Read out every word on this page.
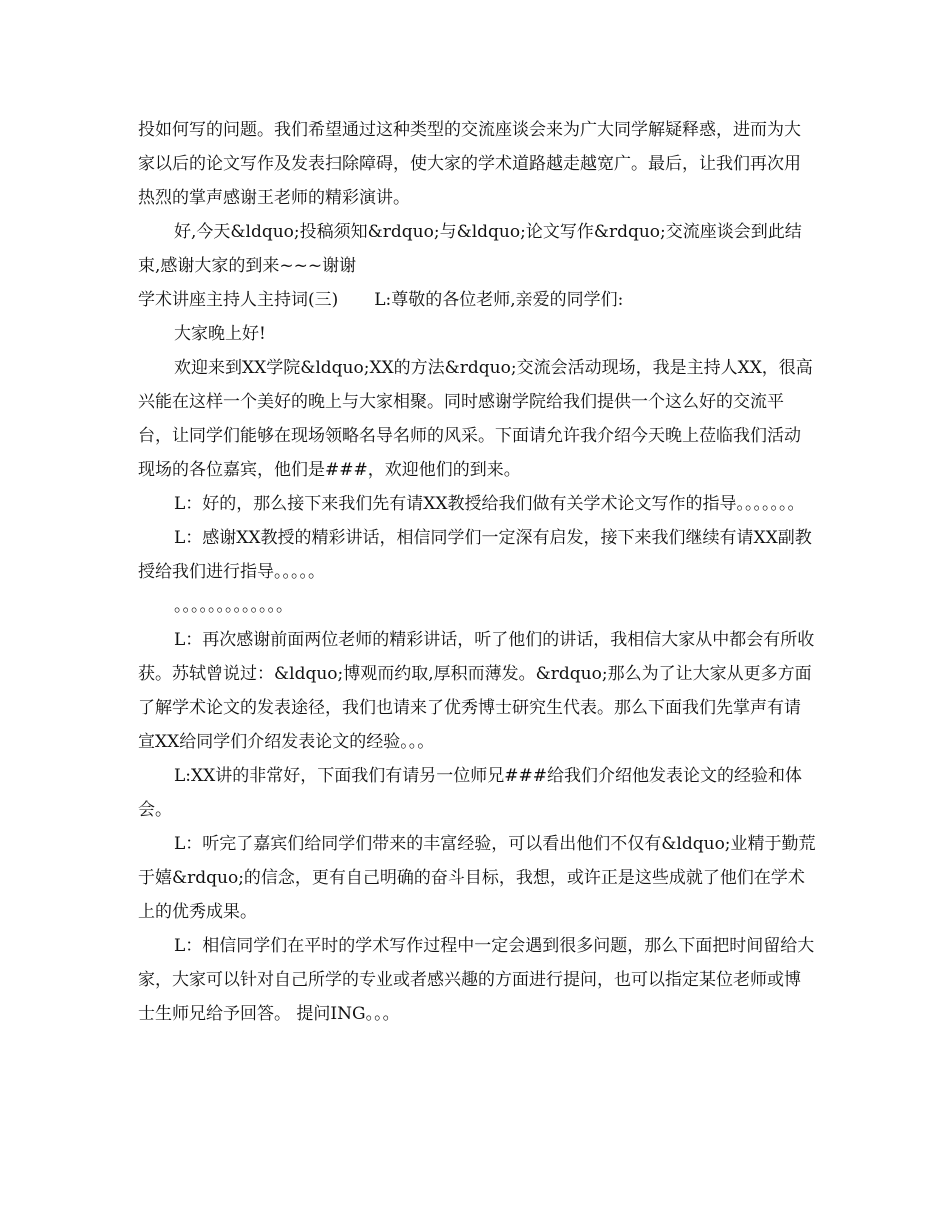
投如何写的问题。我们希望通过这种类型的交流座谈会来为广大同学解疑释惑，进而为大家以后的论文写作及发表扫除障碍，使大家的学术道路越走越宽广。最后，让我们再次用热烈的掌声感谢王老师的精彩演讲。

好,今天&ldquo;投稿须知&rdquo;与&ldquo;论文写作&rdquo;交流座谈会到此结束,感谢大家的到来~~~谢谢

学术讲座主持人主持词(三) L:尊敬的各位老师,亲爱的同学们:

大家晚上好!

欢迎来到XX学院&ldquo;XX的方法&rdquo;交流会活动现场，我是主持人XX，很高兴能在这样一个美好的晚上与大家相聚。同时感谢学院给我们提供一个这么好的交流平台，让同学们能够在现场领略名导名师的风采。下面请允许我介绍今天晚上莅临我们活动现场的各位嘉宾，他们是###，欢迎他们的到来。

L：好的，那么接下来我们先有请XX教授给我们做有关学术论文写作的指导。。。。。。。

L：感谢XX教授的精彩讲话，相信同学们一定深有启发，接下来我们继续有请XX副教授给我们进行指导。。。。。

。。。。。。。。。。。。。

L：再次感谢前面两位老师的精彩讲话，听了他们的讲话，我相信大家从中都会有所收获。苏轼曾说过：&ldquo;博观而约取,厚积而薄发。&rdquo;那么为了让大家从更多方面了解学术论文的发表途径，我们也请来了优秀博士研究生代表。那么下面我们先掌声有请宣XX给同学们介绍发表论文的经验。。。

L:XX讲的非常好，下面我们有请另一位师兄###给我们介绍他发表论文的经验和体会。

L：听完了嘉宾们给同学们带来的丰富经验，可以看出他们不仅有&ldquo;业精于勤荒于嬉&rdquo;的信念，更有自己明确的奋斗目标，我想，或许正是这些成就了他们在学术上的优秀成果。

L：相信同学们在平时的学术写作过程中一定会遇到很多问题，那么下面把时间留给大家，大家可以针对自己所学的专业或者感兴趣的方面进行提问，也可以指定某位老师或博士生师兄给予回答。 提问ING。。。
